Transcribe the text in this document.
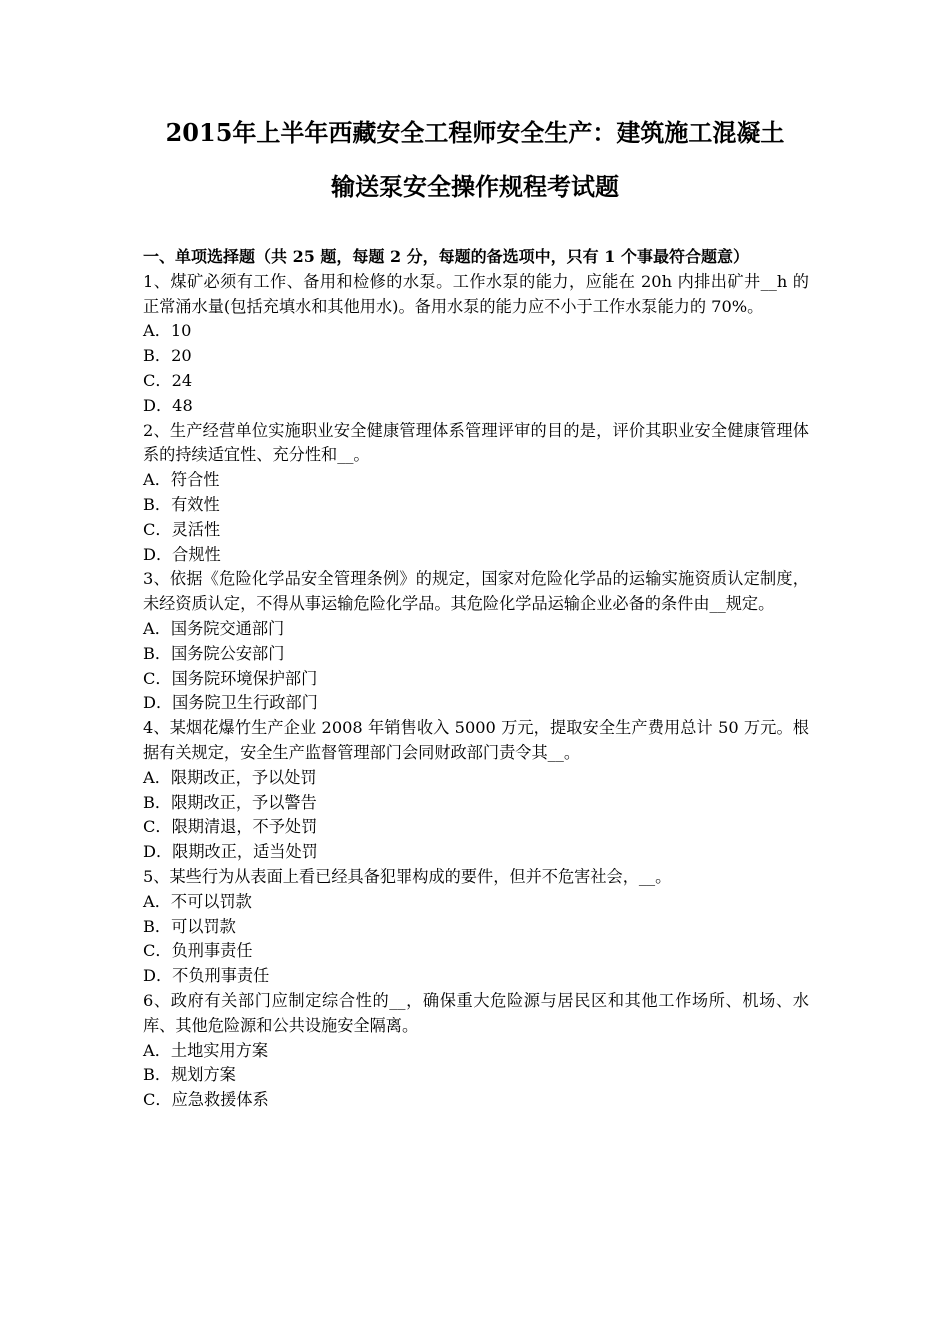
2015年上半年西藏安全工程师安全生产：建筑施工混凝土
输送泵安全操作规程考试题
一、单项选择题（共 25 题，每题 2 分，每题的备选项中，只有 1 个事最符合题意）
1、煤矿必须有工作、备用和检修的水泵。工作水泵的能力，应能在 20h 内排出矿井__h 的正常涌水量(包括充填水和其他用水)。备用水泵的能力应不小于工作水泵能力的 70%。
A．10
B．20
C．24
D．48
2、生产经营单位实施职业安全健康管理体系管理评审的目的是，评价其职业安全健康管理体系的持续适宜性、充分性和__。
A．符合性
B．有效性
C．灵活性
D．合规性
3、依据《危险化学品安全管理条例》的规定，国家对危险化学品的运输实施资质认定制度，未经资质认定，不得从事运输危险化学品。其危险化学品运输企业必备的条件由__规定。
A．国务院交通部门
B．国务院公安部门
C．国务院环境保护部门
D．国务院卫生行政部门
4、某烟花爆竹生产企业 2008 年销售收入 5000 万元，提取安全生产费用总计 50 万元。根据有关规定，安全生产监督管理部门会同财政部门责令其__。
A．限期改正，予以处罚
B．限期改正，予以警告
C．限期清退，不予处罚
D．限期改正，适当处罚
5、某些行为从表面上看已经具备犯罪构成的要件，但并不危害社会，__。
A．不可以罚款
B．可以罚款
C．负刑事责任
D．不负刑事责任
6、政府有关部门应制定综合性的__，确保重大危险源与居民区和其他工作场所、机场、水库、其他危险源和公共设施安全隔离。
A．土地实用方案
B．规划方案
C．应急救援体系
